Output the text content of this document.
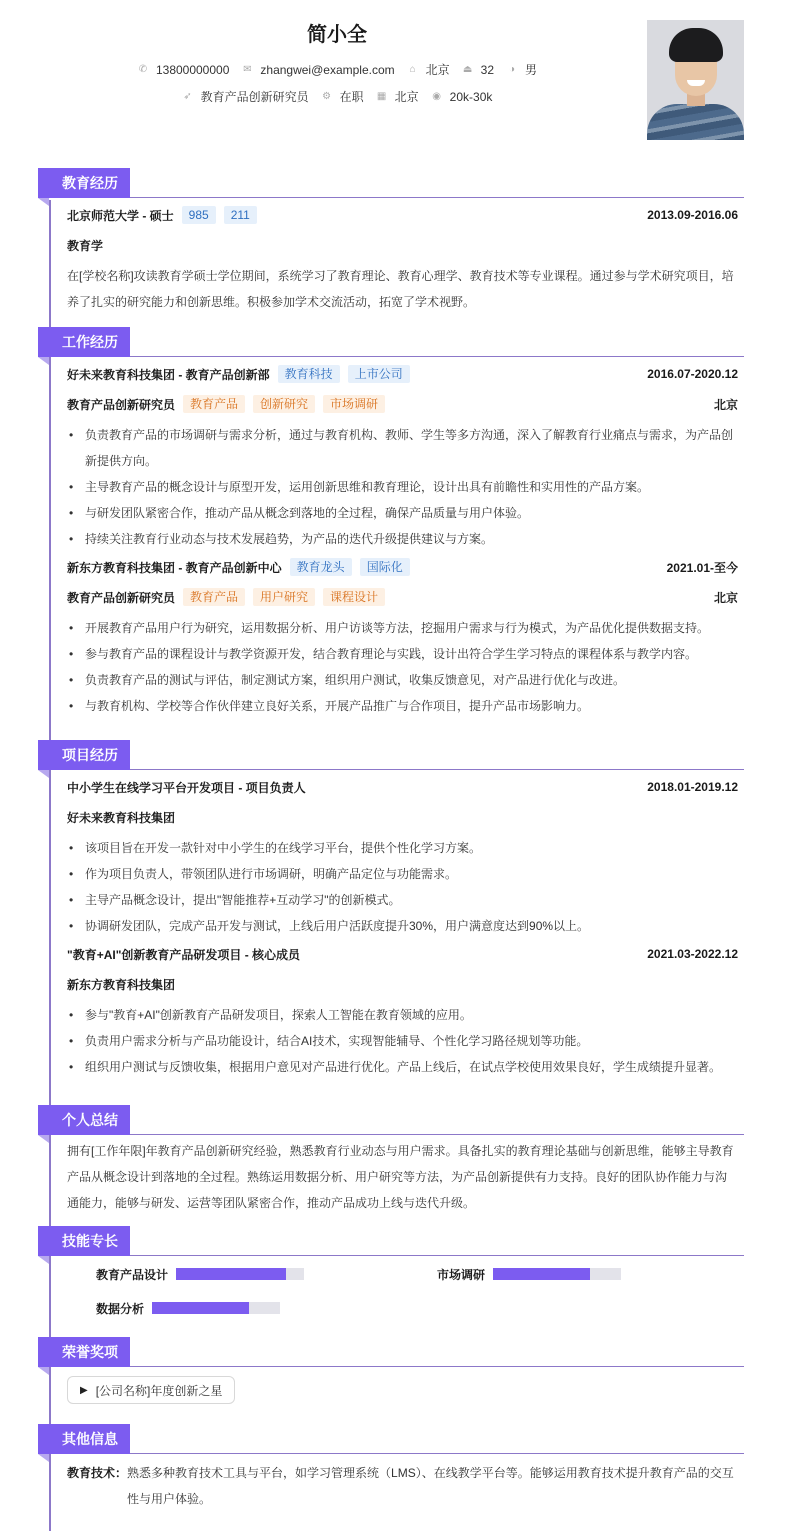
简小全
✆ 13800000000 ✉ zhangwei@example.com ⌂ 北京 ⏏ 32 ◑ 男
➶ 教育产品创新研究员 ⚙ 在职 ▦ 北京 ◉ 20k-30k
教育经历
北京师范大学 - 硕士	985	211	2013.09-2016.06
教育学
在[学校名称]攻读教育学硕士学位期间，系统学习了教育理论、教育心理学、教育技术等专业课程。通过参与学术研究项目，培养了扎实的研究能力和创新思维。积极参加学术交流活动，拓宽了学术视野。
工作经历
好未来教育科技集团 - 教育产品创新部	教育科技	上市公司	2016.07-2020.12
教育产品创新研究员	教育产品	创新研究	市场调研	北京
• 负责教育产品的市场调研与需求分析，通过与教育机构、教师、学生等多方沟通，深入了解教育行业痛点与需求，为产品创新提供方向。
• 主导教育产品的概念设计与原型开发，运用创新思维和教育理论，设计出具有前瞻性和实用性的产品方案。
• 与研发团队紧密合作，推动产品从概念到落地的全过程，确保产品质量与用户体验。
• 持续关注教育行业动态与技术发展趋势，为产品的迭代升级提供建议与方案。
新东方教育科技集团 - 教育产品创新中心	教育龙头	国际化	2021.01-至今
教育产品创新研究员	教育产品	用户研究	课程设计	北京
• 开展教育产品用户行为研究，运用数据分析、用户访谈等方法，挖掘用户需求与行为模式，为产品优化提供数据支持。
• 参与教育产品的课程设计与教学资源开发，结合教育理论与实践，设计出符合学生学习特点的课程体系与教学内容。
• 负责教育产品的测试与评估，制定测试方案，组织用户测试，收集反馈意见，对产品进行优化与改进。
• 与教育机构、学校等合作伙伴建立良好关系，开展产品推广与合作项目，提升产品市场影响力。
项目经历
中小学生在线学习平台开发项目 - 项目负责人	2018.01-2019.12
好未来教育科技集团
• 该项目旨在开发一款针对中小学生的在线学习平台，提供个性化学习方案。
• 作为项目负责人，带领团队进行市场调研，明确产品定位与功能需求。
• 主导产品概念设计，提出"智能推荐+互动学习"的创新模式。
• 协调研发团队，完成产品开发与测试，上线后用户活跃度提升30%，用户满意度达到90%以上。
"教育+AI"创新教育产品研发项目 - 核心成员	2021.03-2022.12
新东方教育科技集团
• 参与"教育+AI"创新教育产品研发项目，探索人工智能在教育领域的应用。
• 负责用户需求分析与产品功能设计，结合AI技术，实现智能辅导、个性化学习路径规划等功能。
• 组织用户测试与反馈收集，根据用户意见对产品进行优化。产品上线后，在试点学校使用效果良好，学生成绩提升显著。
个人总结
拥有[工作年限]年教育产品创新研究经验，熟悉教育行业动态与用户需求。具备扎实的教育理论基础与创新思维，能够主导教育产品从概念设计到落地的全过程。熟练运用数据分析、用户研究等方法，为产品创新提供有力支持。良好的团队协作能力与沟通能力，能够与研发、运营等团队紧密合作，推动产品成功上线与迭代升级。
技能专长
教育产品设计	市场调研
数据分析
荣誉奖项
▶ [公司名称]年度创新之星
其他信息
教育技术： 熟悉多种教育技术工具与平台，如学习管理系统（LMS）、在线教学平台等。能够运用教育技术提升教育产品的交互性与用户体验。
